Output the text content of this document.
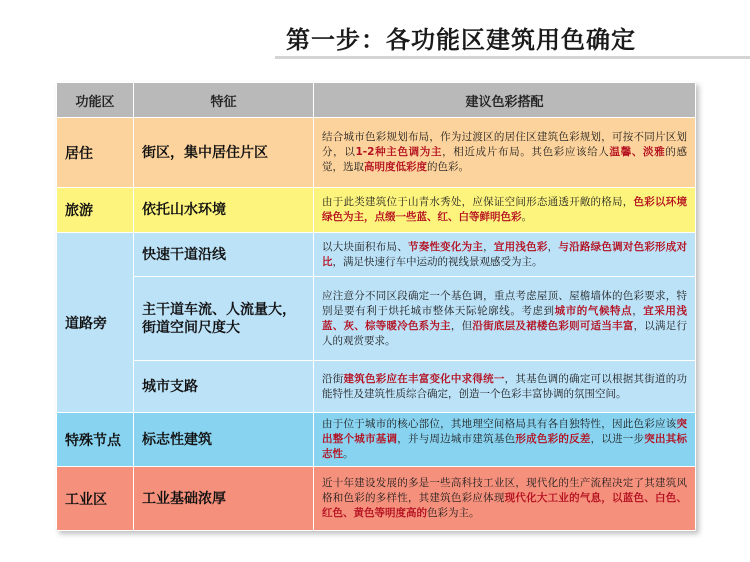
第一步：各功能区建筑用色确定
功能区	特征	建议色彩搭配
居住	街区，集中居住片区	结合城市色彩规划布局，作为过渡区的居住区建筑色彩规划，可按不同片区划分，以1-2种主色调为主，相近成片布局。其色彩应该给人温馨、淡雅的感觉，选取高明度低彩度的色彩。
旅游	依托山水环境	由于此类建筑位于山青水秀处，应保证空间形态通透开敞的格局，色彩以环境绿色为主，点缀一些蓝、红、白等鲜明色彩。
道路旁	快速干道沿线	以大块面积布局、节奏性变化为主，宜用浅色彩，与沿路绿色调对色彩形成对比，满足快速行车中运动的视线景观感受为主。
	主干道车流、人流量大，街道空间尺度大	应注意分不同区段确定一个基色调，重点考虑屋顶、屋檐墙体的色彩要求，特别是要有利于烘托城市整体天际轮廓线。考虑到城市的气候特点，宜采用浅蓝、灰、棕等暖冷色系为主，但沿街底层及裙楼色彩则可适当丰富，以满足行人的观赏要求。
	城市支路	沿街建筑色彩应在丰富变化中求得统一，其基色调的确定可以根据其街道的功能特性及建筑性质综合确定，创造一个色彩丰富协调的氛围空间。
特殊节点	标志性建筑	由于位于城市的核心部位，其地理空间格局具有各自独特性，因此色彩应该突出整个城市基调，并与周边城市建筑基色形成色彩的反差，以进一步突出其标志性。
工业区	工业基础浓厚	近十年建设发展的多是一些高科技工业区，现代化的生产流程决定了其建筑风格和色彩的多样性，其建筑色彩应体现现代化大工业的气息，以蓝色、白色、红色、黄色等明度高的色彩为主。
